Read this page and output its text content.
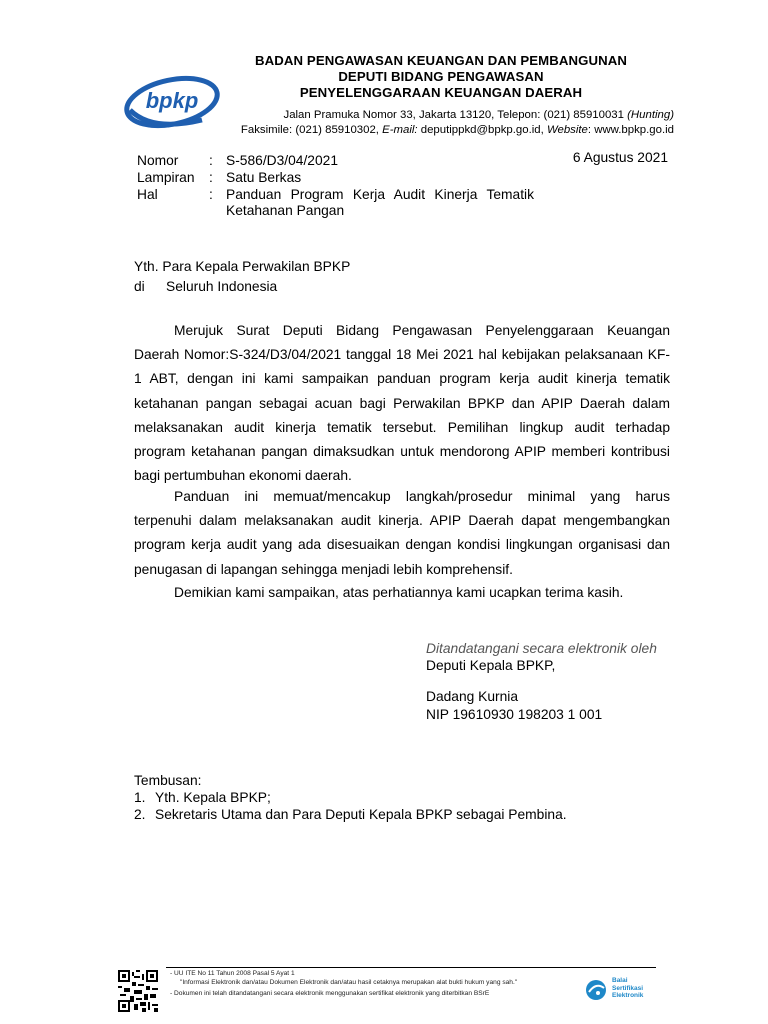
bpkp
BADAN PENGAWASAN KEUANGAN DAN PEMBANGUNAN
DEPUTI BIDANG PENGAWASAN
PENYELENGGARAAN KEUANGAN DAERAH
Jalan Pramuka Nomor 33, Jakarta 13120, Telepon: (021) 85910031 (Hunting)
Faksimile: (021) 85910302, E-mail: deputippkd@bpkp.go.id, Website: www.bpkp.go.id
Nomor : S-586/D3/04/2021	6 Agustus 2021
Lampiran : Satu Berkas
Hal	: Panduan Program Kerja Audit Kinerja Tematik
Ketahanan Pangan
Yth. Para Kepala Perwakilan BPKP
di Seluruh Indonesia
Merujuk Surat Deputi Bidang Pengawasan Penyelenggaraan Keuangan
Daerah Nomor:S-324/D3/04/2021 tanggal 18 Mei 2021 hal kebijakan pelaksanaan KF-
1 ABT, dengan ini kami sampaikan panduan program kerja audit kinerja tematik
ketahanan pangan sebagai acuan bagi Perwakilan BPKP dan APIP Daerah dalam
melaksanakan audit kinerja tematik tersebut. Pemilihan lingkup audit terhadap
program ketahanan pangan dimaksudkan untuk mendorong APIP memberi kontribusi
bagi pertumbuhan ekonomi daerah.
Panduan ini memuat/mencakup langkah/prosedur minimal yang harus
terpenuhi dalam melaksanakan audit kinerja. APIP Daerah dapat mengembangkan
program kerja audit yang ada disesuaikan dengan kondisi lingkungan organisasi dan
penugasan di lapangan sehingga menjadi lebih komprehensif.
Demikian kami sampaikan, atas perhatiannya kami ucapkan terima kasih.
Ditandatangani secara elektronik oleh
Deputi Kepala BPKP,
Dadang Kurnia
NIP 19610930 198203 1 001
Tembusan:
1. Yth. Kepala BPKP;
2. Sekretaris Utama dan Para Deputi Kepala BPKP sebagai Pembina.
- UU ITE No 11 Tahun 2008 Pasal 5 Ayat 1
"Informasi Elektronik dan/atau Dokumen Elektronik dan/atau hasil cetaknya merupakan alat bukti hukum yang sah."
- Dokumen ini telah ditandatangani secara elektronik menggunakan sertifikat elektronik yang diterbitkan BSrE
Balai
Sertifikasi
Elektronik
